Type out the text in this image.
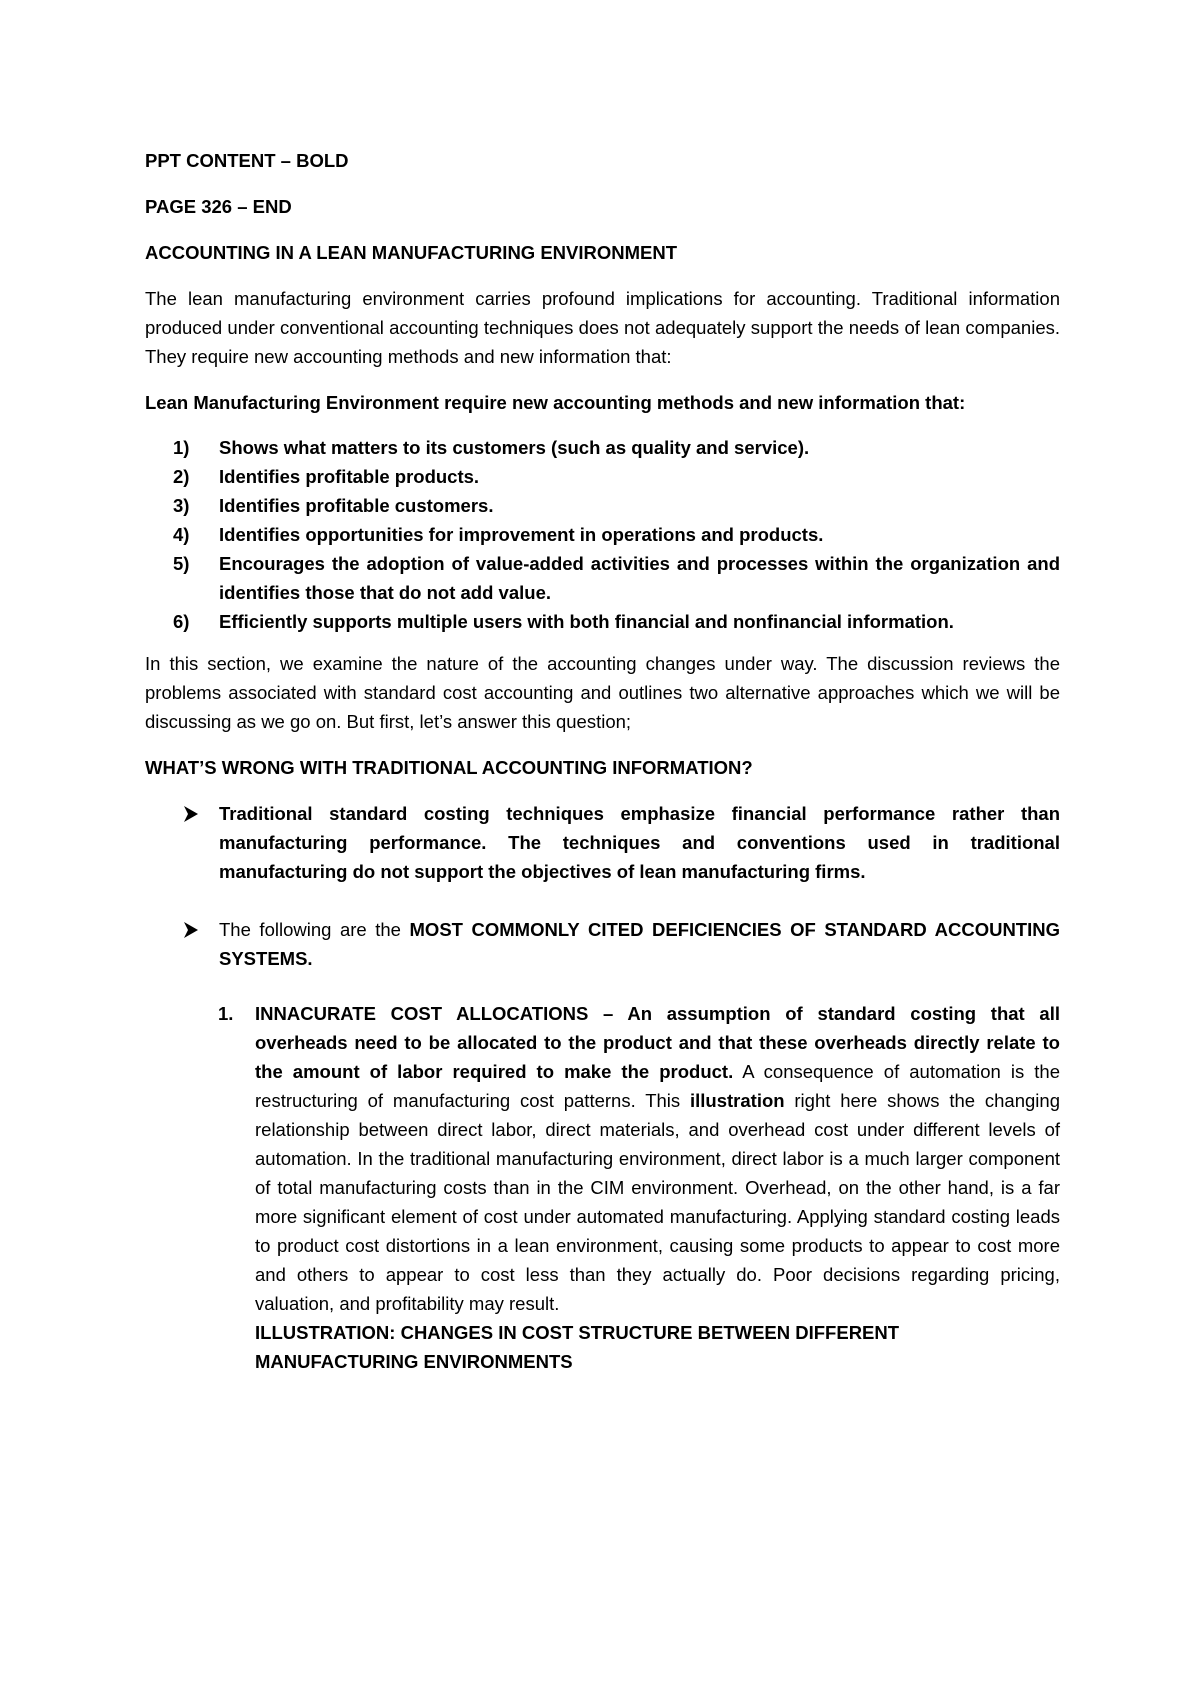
PPT CONTENT – BOLD

PAGE 326 – END

ACCOUNTING IN A LEAN MANUFACTURING ENVIRONMENT

The lean manufacturing environment carries profound implications for accounting. Traditional information produced under conventional accounting techniques does not adequately support the needs of lean companies. They require new accounting methods and new information that:

Lean Manufacturing Environment require new accounting methods and new information that:

1) Shows what matters to its customers (such as quality and service).
2) Identifies profitable products.
3) Identifies profitable customers.
4) Identifies opportunities for improvement in operations and products.
5) Encourages the adoption of value-added activities and processes within the organization and identifies those that do not add value.
6) Efficiently supports multiple users with both financial and nonfinancial information.

In this section, we examine the nature of the accounting changes under way. The discussion reviews the problems associated with standard cost accounting and outlines two alternative approaches which we will be discussing as we go on. But first, let’s answer this question;

WHAT’S WRONG WITH TRADITIONAL ACCOUNTING INFORMATION?

Traditional standard costing techniques emphasize financial performance rather than manufacturing performance. The techniques and conventions used in traditional manufacturing do not support the objectives of lean manufacturing firms.
The following are the MOST COMMONLY CITED DEFICIENCIES OF STANDARD ACCOUNTING SYSTEMS.
1. INNACURATE COST ALLOCATIONS – An assumption of standard costing that all overheads need to be allocated to the product and that these overheads directly relate to the amount of labor required to make the product. A consequence of automation is the restructuring of manufacturing cost patterns. This illustration right here shows the changing relationship between direct labor, direct materials, and overhead cost under different levels of automation. In the traditional manufacturing environment, direct labor is a much larger component of total manufacturing costs than in the CIM environment. Overhead, on the other hand, is a far more significant element of cost under automated manufacturing. Applying standard costing leads to product cost distortions in a lean environment, causing some products to appear to cost more and others to appear to cost less than they actually do. Poor decisions regarding pricing, valuation, and profitability may result.

ILLUSTRATION: CHANGES IN COST STRUCTURE BETWEEN DIFFERENT MANUFACTURING ENVIRONMENTS
